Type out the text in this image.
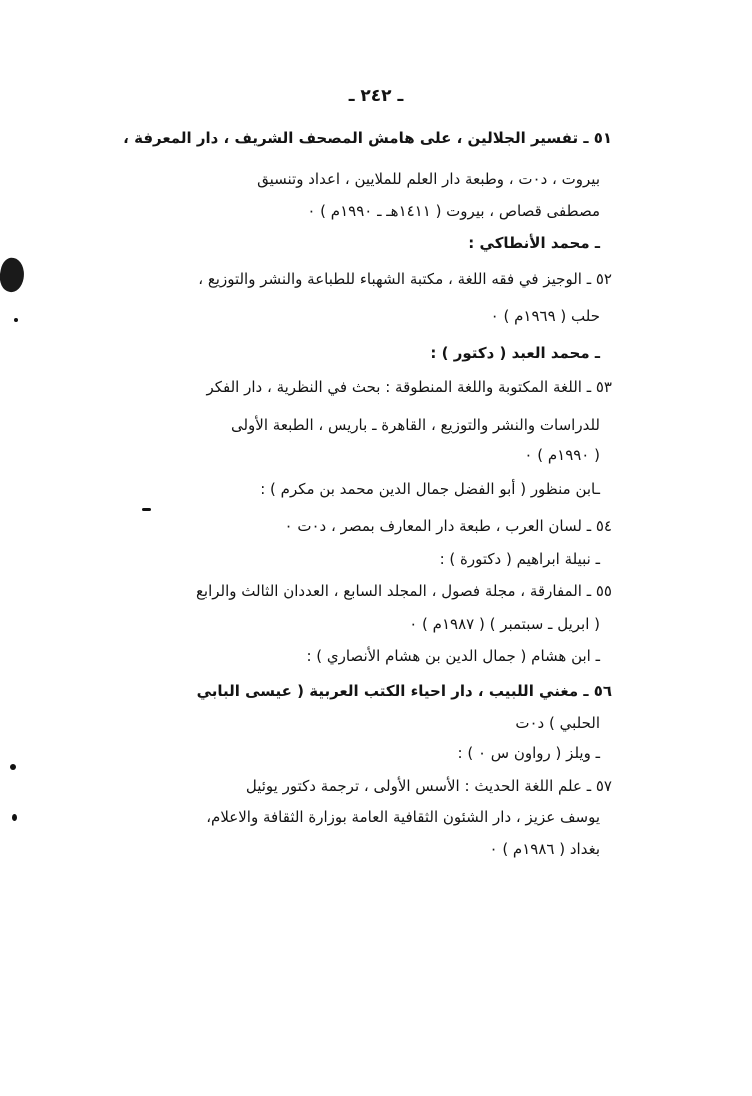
ـ ٢٤٢ ـ
٥١ ـ تفسير الجلالين ، على هامش المصحف الشريف ، دار المعرفة ،
بيروت ، د٠ت ، وطبعة دار العلم للملايين ، اعداد وتنسيق
مصطفى قصاص ، بيروت ( ١٤١١هـ ـ ١٩٩٠م ) ٠
ـ محمد الأنطاكي :
٥٢ ـ الوجيز في فقه اللغة ، مكتبة الشهباء للطباعة والنشر والتوزيع ،
حلب ( ١٩٦٩م ) ٠
ـ محمد العبد ( دكتور ) :
٥٣ ـ اللغة المكتوبة واللغة المنطوقة : بحث في النظرية ، دار الفكر
للدراسات والنشر والتوزيع ، القاهرة ـ باريس ، الطبعة الأولى
( ١٩٩٠م ) ٠
ـابن منظور ( أبو الفضل جمال الدين محمد بن مكرم ) :
٥٤ ـ لسان العرب ، طبعة دار المعارف بمصر ، د٠ت ٠
ـ نبيلة ابراهيم ( دكتورة ) :
٥٥ ـ المفارقة ، مجلة فصول ، المجلد السابع ، العددان الثالث والرابع
( ابريل ـ سبتمبر ) ( ١٩٨٧م ) ٠
ـ ابن هشام ( جمال الدين بن هشام الأنصاري ) :
٥٦ ـ مغني اللبيب ، دار احياء الكتب العربية ( عيسى البابي
الحلبي ) د٠ت
ـ ويلز ( رواون س ٠ ) :
٥٧ ـ علم اللغة الحديث : الأسس الأولى ، ترجمة دكتور يوئيل
يوسف عزيز ، دار الشئون الثقافية العامة بوزارة الثقافة والاعلام،
بغداد ( ١٩٨٦م ) ٠
